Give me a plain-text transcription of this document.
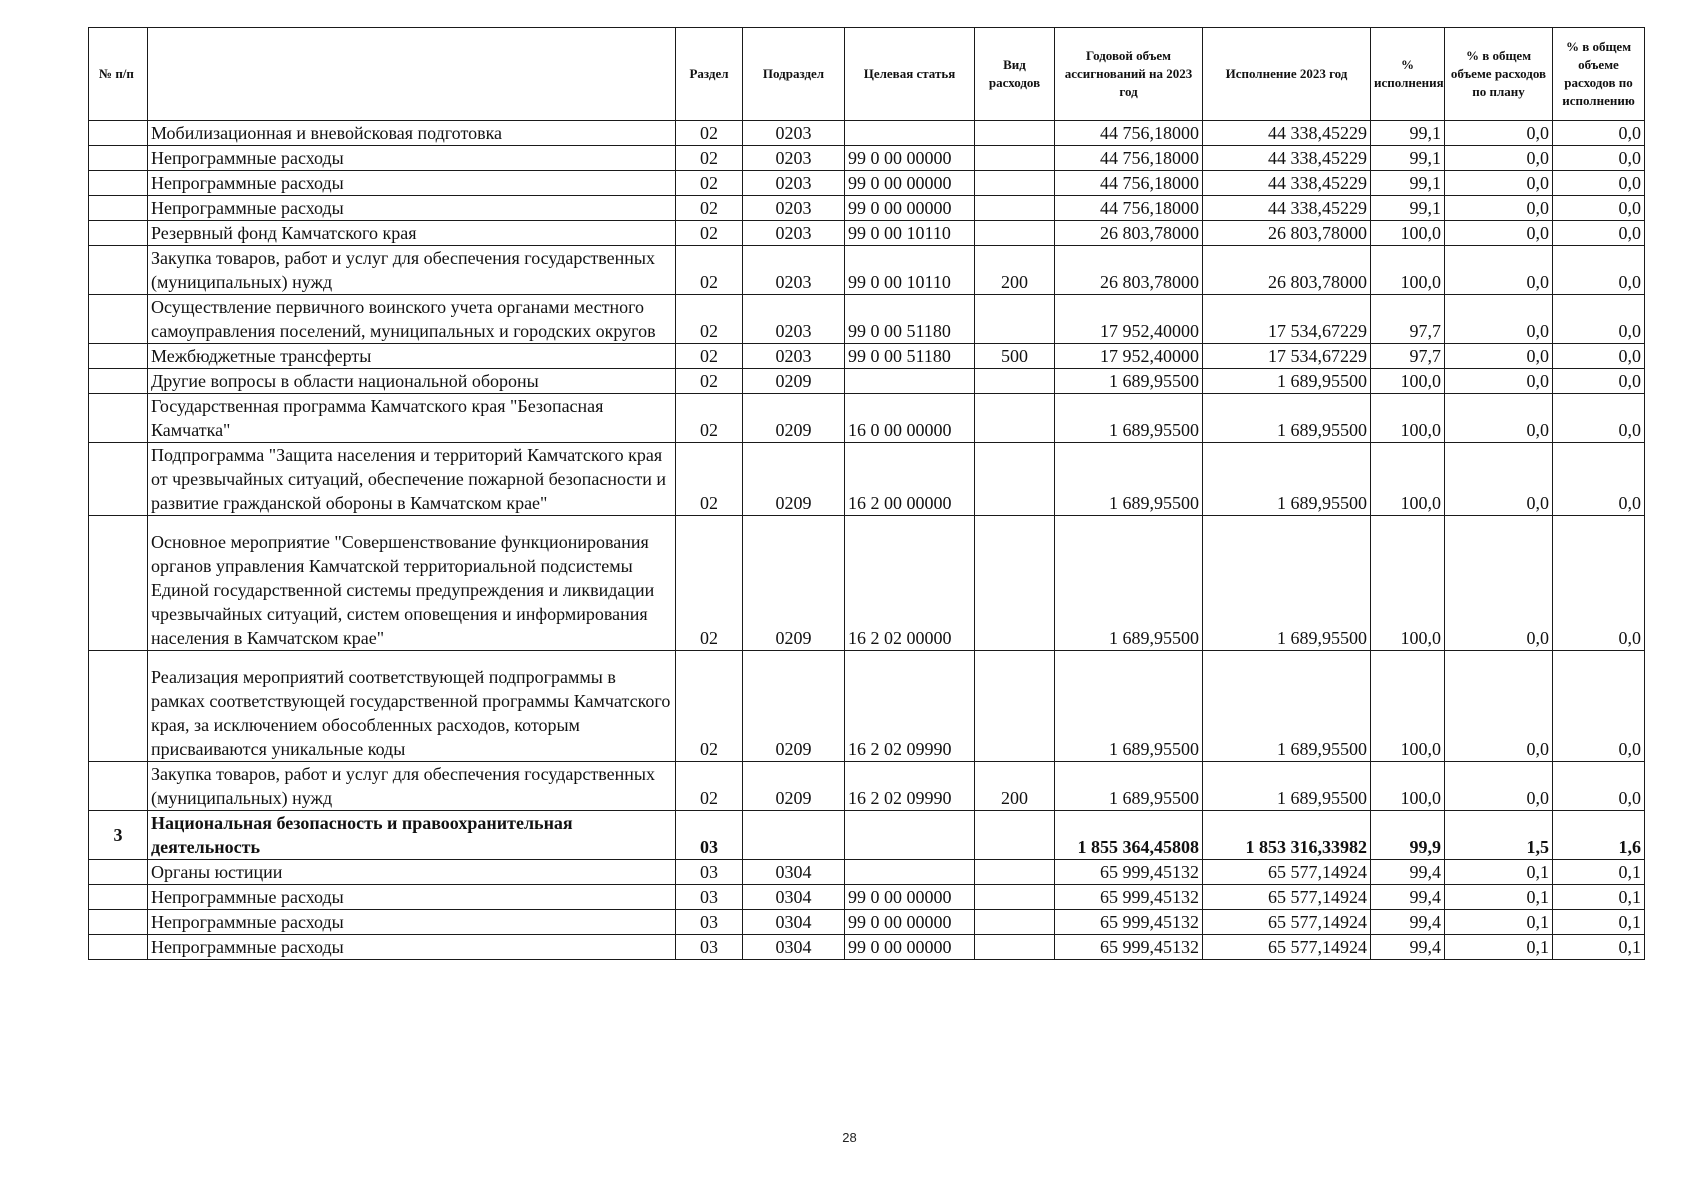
№ п/п		Раздел	Подраздел	Целевая статья	Вид расходов	Годовой объем ассигнований на 2023 год	Исполнение 2023 год	% исполнения	% в общем объеме расходов по плану	% в общем объеме расходов по исполнению
	Мобилизационная и вневойсковая подготовка	02	0203			44 756,18000	44 338,45229	99,1	0,0	0,0
	Непрограммные расходы	02	0203	99 0 00 00000		44 756,18000	44 338,45229	99,1	0,0	0,0
	Непрограммные расходы	02	0203	99 0 00 00000		44 756,18000	44 338,45229	99,1	0,0	0,0
	Непрограммные расходы	02	0203	99 0 00 00000		44 756,18000	44 338,45229	99,1	0,0	0,0
	Резервный фонд Камчатского края	02	0203	99 0 00 10110		26 803,78000	26 803,78000	100,0	0,0	0,0
	Закупка товаров, работ и услуг для обеспечения государственных (муниципальных) нужд	02	0203	99 0 00 10110	200	26 803,78000	26 803,78000	100,0	0,0	0,0
	Осуществление первичного воинского учета органами местного самоуправления поселений, муниципальных и городских округов	02	0203	99 0 00 51180		17 952,40000	17 534,67229	97,7	0,0	0,0
	Межбюджетные трансферты	02	0203	99 0 00 51180	500	17 952,40000	17 534,67229	97,7	0,0	0,0
	Другие вопросы в области национальной обороны	02	0209			1 689,95500	1 689,95500	100,0	0,0	0,0
	Государственная программа Камчатского края "Безопасная Камчатка"	02	0209	16 0 00 00000		1 689,95500	1 689,95500	100,0	0,0	0,0
	Подпрограмма "Защита населения и территорий Камчатского края от чрезвычайных ситуаций, обеспечение пожарной безопасности и развитие гражданской обороны в Камчатском крае"	02	0209	16 2 00 00000		1 689,95500	1 689,95500	100,0	0,0	0,0
	Основное мероприятие "Совершенствование функционирования органов управления Камчатской территориальной подсистемы Единой государственной системы предупреждения и ликвидации чрезвычайных ситуаций, систем оповещения и информирования населения в Камчатском крае"	02	0209	16 2 02 00000		1 689,95500	1 689,95500	100,0	0,0	0,0
	Реализация мероприятий соответствующей подпрограммы в рамках соответствующей государственной программы Камчатского края, за исключением обособленных расходов, которым присваиваются уникальные коды	02	0209	16 2 02 09990		1 689,95500	1 689,95500	100,0	0,0	0,0
	Закупка товаров, работ и услуг для обеспечения государственных (муниципальных) нужд	02	0209	16 2 02 09990	200	1 689,95500	1 689,95500	100,0	0,0	0,0
3	Национальная безопасность и правоохранительная деятельность	03				1 855 364,45808	1 853 316,33982	99,9	1,5	1,6
	Органы юстиции	03	0304			65 999,45132	65 577,14924	99,4	0,1	0,1
	Непрограммные расходы	03	0304	99 0 00 00000		65 999,45132	65 577,14924	99,4	0,1	0,1
	Непрограммные расходы	03	0304	99 0 00 00000		65 999,45132	65 577,14924	99,4	0,1	0,1
	Непрограммные расходы	03	0304	99 0 00 00000		65 999,45132	65 577,14924	99,4	0,1	0,1
28
